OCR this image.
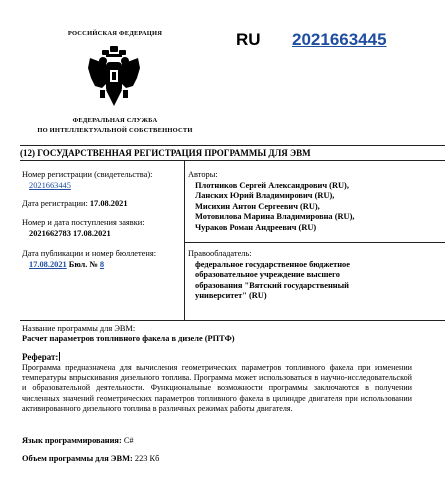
РОССИЙСКАЯ ФЕДЕРАЦИЯ
ФЕДЕРАЛЬНАЯ СЛУЖБА
ПО ИНТЕЛЛЕКТУАЛЬНОЙ СОБСТВЕННОСТИ
RU 2021663445
(12) ГОСУДАРСТВЕННАЯ РЕГИСТРАЦИЯ ПРОГРАММЫ ДЛЯ ЭВМ
Номер регистрации (свидетельства):
2021663445
Дата регистрации: 17.08.2021
Номер и дата поступления заявки:
2021662783 17.08.2021
Дата публикации и номер бюллетеня:
17.08.2021 Бюл. № 8
Авторы:
Плотников Сергей Александрович (RU),
Ланских Юрий Владимирович (RU),
Мисихин Антон Сергеевич (RU),
Мотовилова Марина Владимировна (RU),
Чураков Роман Андреевич (RU)
Правообладатель:
федеральное государственное бюджетное
образовательное учреждение высшего
образования "Вятский государственный
университет" (RU)
Название программы для ЭВМ:
Расчет параметров топливного факела в дизеле (РПТФ)
Реферат:
Программа предназначена для вычисления геометрических параметров топливного факела при изменении температуры впрыскивания дизельного топлива. Программа может использоваться в научно-исследовательской и образовательной деятельности. Функциональные возможности программы заключаются в получении численных значений геометрических параметров топливного факела в цилиндре двигателя при использовании активированного дизельного топлива в различных режимах работы двигателя.
Язык программирования: C#
Объем программы для ЭВМ: 223 Кб
